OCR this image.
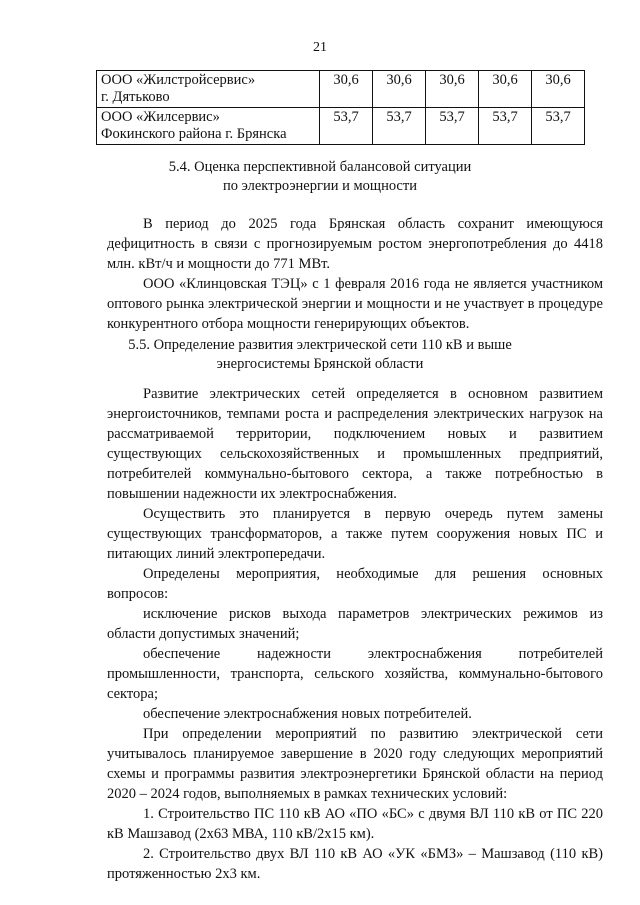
21
ООО «Жилстройсервис»
г. Дятьково	30,6	30,6	30,6	30,6	30,6

ООО «Жилсервис»
Фокинского района г. Брянска	53,7	53,7	53,7	53,7	53,7
5.4. Оценка перспективной балансовой ситуации
по электроэнергии и мощности

В период до 2025 года Брянская область сохранит имеющуюся дефицитность в связи с прогнозируемым ростом энергопотребления до 4418 млн. кВт/ч и мощности до 771 МВт.

ООО «Клинцовская ТЭЦ» с 1 февраля 2016 года не является участником оптового рынка электрической энергии и мощности и не участвует в процедуре конкурентного отбора мощности генерирующих объектов.

5.5. Определение развития электрической сети 110 кВ и выше
энергосистемы Брянской области

Развитие электрических сетей определяется в основном развитием энергоисточников, темпами роста и распределения электрических нагрузок на рассматриваемой территории, подключением новых и развитием существующих сельскохозяйственных и промышленных предприятий, потребителей коммунально-бытового сектора, а также потребностью в повышении надежности их электроснабжения.

Осуществить это планируется в первую очередь путем замены существующих трансформаторов, а также путем сооружения новых ПС и питающих линий электропередачи.

Определены мероприятия, необходимые для решения основных вопросов:

исключение рисков выхода параметров электрических режимов из области допустимых значений;

обеспечение надежности электроснабжения потребителей промышленности, транспорта, сельского хозяйства, коммунально-бытового сектора;

обеспечение электроснабжения новых потребителей.

При определении мероприятий по развитию электрической сети учитывалось планируемое завершение в 2020 году следующих мероприятий схемы и программы развития электроэнергетики Брянской области на период 2020 – 2024 годов, выполняемых в рамках технических условий:

1. Строительство ПС 110 кВ АО «ПО «БС» с двумя ВЛ 110 кВ от ПС 220 кВ Машзавод (2х63 МВА, 110 кВ/2х15 км).

2. Строительство двух ВЛ 110 кВ АО «УК «БМЗ» – Машзавод (110 кВ) протяженностью 2х3 км.
